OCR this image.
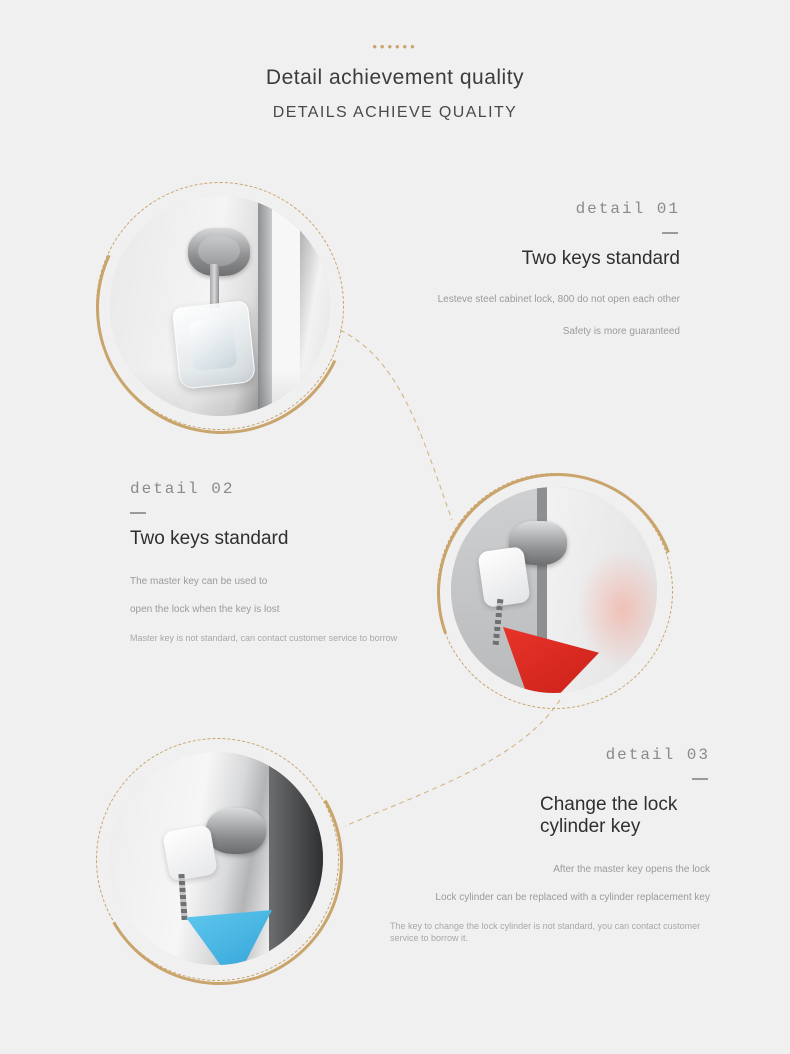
••••••
Detail achievement quality
DETAILS ACHIEVE QUALITY
detail 01
Two keys standard
Lesteve steel cabinet lock, 800 do not open each other
Safety is more guaranteed
detail 02
Two keys standard
The master key can be used to
open the lock when the key is lost
Master key is not standard, can contact customer service to borrow
detail 03
Change the lock cylinder key
After the master key opens the lock
Lock cylinder can be replaced with a cylinder replacement key
The key to change the lock cylinder is not standard, you can contact customer service to borrow it.
